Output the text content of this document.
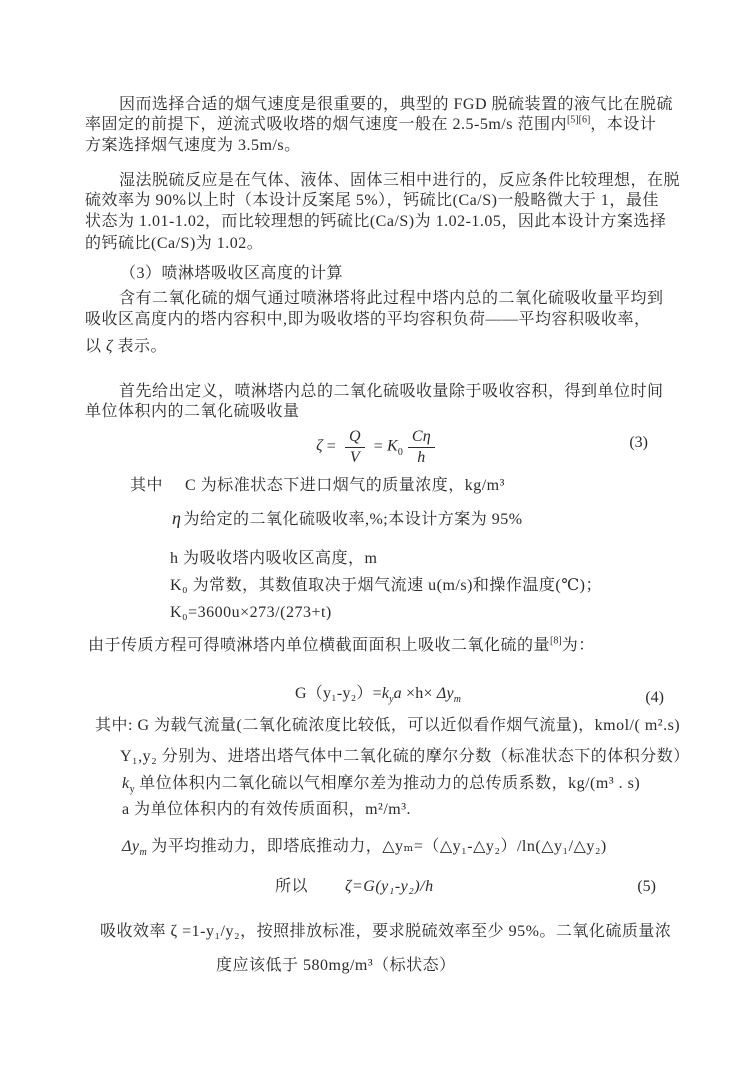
因而选择合适的烟气速度是很重要的，典型的 FGD 脱硫装置的液气比在脱硫
率固定的前提下，逆流式吸收塔的烟气速度一般在 2.5-5m/s 范围内[5][6]，本设计
方案选择烟气速度为 3.5m/s。
湿法脱硫反应是在气体、液体、固体三相中进行的，反应条件比较理想，在脱
硫效率为 90%以上时（本设计反案尾 5%），钙硫比(Ca/S)一般略微大于 1，最佳
状态为 1.01-1.02，而比较理想的钙硫比(Ca/S)为 1.02-1.05，因此本设计方案选择
的钙硫比(Ca/S)为 1.02。
（3）喷淋塔吸收区高度的计算
含有二氧化硫的烟气通过喷淋塔将此过程中塔内总的二氧化硫吸收量平均到
吸收区高度内的塔内容积中,即为吸收塔的平均容积负荷——平均容积吸收率，
以 ζ 表示。
首先给出定义，喷淋塔内总的二氧化硫吸收量除于吸收容积，得到单位时间
单位体积内的二氧化硫吸收量
$\zeta = \frac{Q}{V} = K_0 \frac{C\eta}{h}$	(3)
其中 C 为标准状态下进口烟气的质量浓度，kg/m³
η 为给定的二氧化硫吸收率,%;本设计方案为 95%
h 为吸收塔内吸收区高度，m
K₀ 为常数，其数值取决于烟气流速 u(m/s)和操作温度(℃)；
K₀=3600u×273/(273+t)
由于传质方程可得喷淋塔内单位横截面面积上吸收二氧化硫的量[8]为：
$G(y_1-y_2)=k_ya \times h\times \Delta y_m$	(4)
其中: G 为载气流量(二氧化硫浓度比较低，可以近似看作烟气流量)，kmol/( m².s)
Y₁,y₂ 分别为、进塔出塔气体中二氧化硫的摩尔分数（标准状态下的体积分数）
$k_y$ 单位体积内二氧化硫以气相摩尔差为推动力的总传质系数，kg/(m³ . s)
a 为单位体积内的有效传质面积，m²/m³.
$\Delta y_m$ 为平均推动力，即塔底推动力，△yₘ=（△y₁-△y₂）/ln(△y₁/△y₂)
所以 ζ=G(y₁-y₂)/h	(5)
吸收效率 ζ =1-y₁/y₂，按照排放标准，要求脱硫效率至少 95%。二氧化硫质量浓
度应该低于 580mg/m³（标状态）
